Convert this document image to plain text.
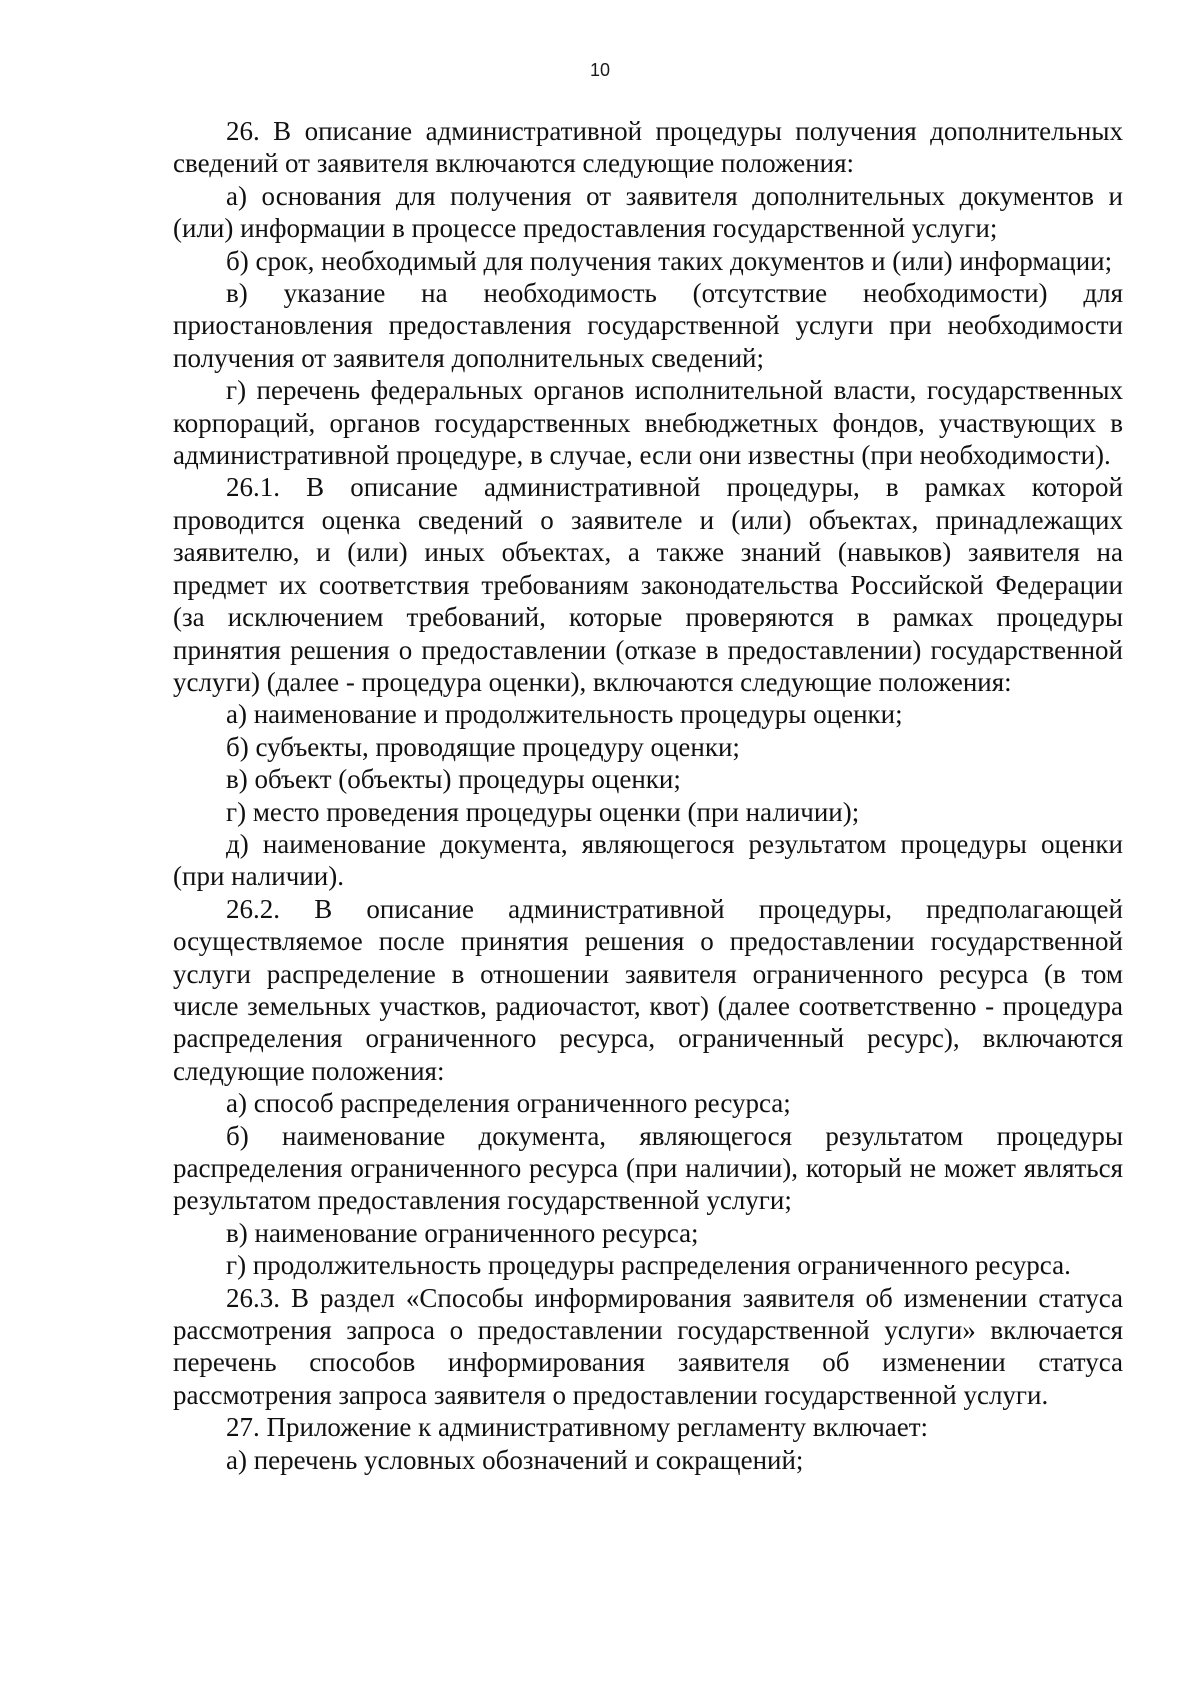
10

26. В описание административной процедуры получения дополнительных сведений от заявителя включаются следующие положения:

а) основания для получения от заявителя дополнительных документов и (или) информации в процессе предоставления государственной услуги;

б) срок, необходимый для получения таких документов и (или) информации;

в) указание на необходимость (отсутствие необходимости) для приостановления предоставления государственной услуги при необходимости получения от заявителя дополнительных сведений;

г) перечень федеральных органов исполнительной власти, государственных корпораций, органов государственных внебюджетных фондов, участвующих в административной процедуре, в случае, если они известны (при необходимости).

26.1. В описание административной процедуры, в рамках которой проводится оценка сведений о заявителе и (или) объектах, принадлежащих заявителю, и (или) иных объектах, а также знаний (навыков) заявителя на предмет их соответствия требованиям законодательства Российской Федерации (за исключением требований, которые проверяются в рамках процедуры принятия решения о предоставлении (отказе в предоставлении) государственной услуги) (далее - процедура оценки), включаются следующие положения:

а) наименование и продолжительность процедуры оценки;

б) субъекты, проводящие процедуру оценки;

в) объект (объекты) процедуры оценки;

г) место проведения процедуры оценки (при наличии);

д) наименование документа, являющегося результатом процедуры оценки (при наличии).

26.2. В описание административной процедуры, предполагающей осуществляемое после принятия решения о предоставлении государственной услуги распределение в отношении заявителя ограниченного ресурса (в том числе земельных участков, радиочастот, квот) (далее соответственно - процедура распределения ограниченного ресурса, ограниченный ресурс), включаются следующие положения:

а) способ распределения ограниченного ресурса;

б) наименование документа, являющегося результатом процедуры распределения ограниченного ресурса (при наличии), который не может являться результатом предоставления государственной услуги;

в) наименование ограниченного ресурса;

г) продолжительность процедуры распределения ограниченного ресурса.

26.3. В раздел «Способы информирования заявителя об изменении статуса рассмотрения запроса о предоставлении государственной услуги» включается перечень способов информирования заявителя об изменении статуса рассмотрения запроса заявителя о предоставлении государственной услуги.

27. Приложение к административному регламенту включает:

а) перечень условных обозначений и сокращений;
